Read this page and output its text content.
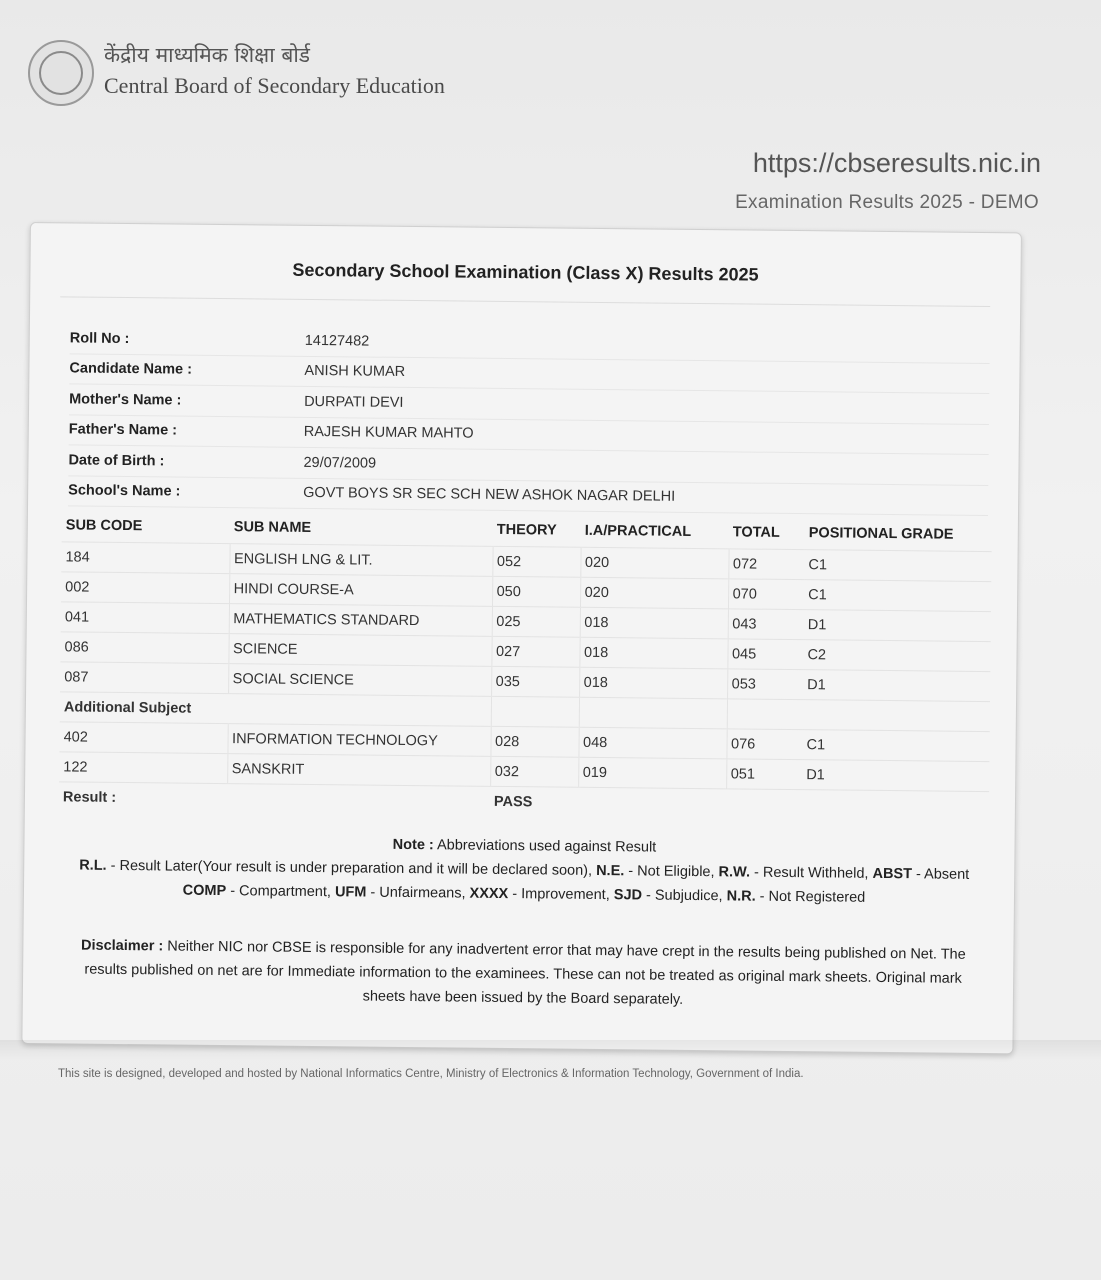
केंद्रीय माध्यमिक शिक्षा बोर्ड
Central Board of Secondary Education
https://cbseresults.nic.in
Examination Results 2025 - DEMO
Secondary School Examination (Class X) Results 2025
Roll No :	14127482
Candidate Name :	ANISH KUMAR
Mother's Name :	DURPATI DEVI
Father's Name :	RAJESH KUMAR MAHTO
Date of Birth :	29/07/2009
School's Name :	GOVT BOYS SR SEC SCH NEW ASHOK NAGAR DELHI
SUB CODE	SUB NAME	THEORY	I.A/PRACTICAL	TOTAL	POSITIONAL GRADE
184	ENGLISH LNG & LIT.	052	020	072	C1
002	HINDI COURSE-A	050	020	070	C1
041	MATHEMATICS STANDARD	025	018	043	D1
086	SCIENCE	027	018	045	C2
087	SOCIAL SCIENCE	035	018	053	D1
Additional Subject					
402	INFORMATION TECHNOLOGY	028	048	076	C1
122	SANSKRIT	032	019	051	D1
Result :		PASS			
Note : Abbreviations used against Result
R.L. - Result Later(Your result is under preparation and it will be declared soon), N.E. - Not Eligible, R.W. - Result Withheld, ABST - Absent COMP - Compartment, UFM - Unfairmeans, XXXX - Improvement, SJD - Subjudice, N.R. - Not Registered
Disclaimer : Neither NIC nor CBSE is responsible for any inadvertent error that may have crept in the results being published on Net. The results published on net are for Immediate information to the examinees. These can not be treated as original mark sheets. Original mark sheets have been issued by the Board separately.
This site is designed, developed and hosted by National Informatics Centre, Ministry of Electronics & Information Technology, Government of India.
